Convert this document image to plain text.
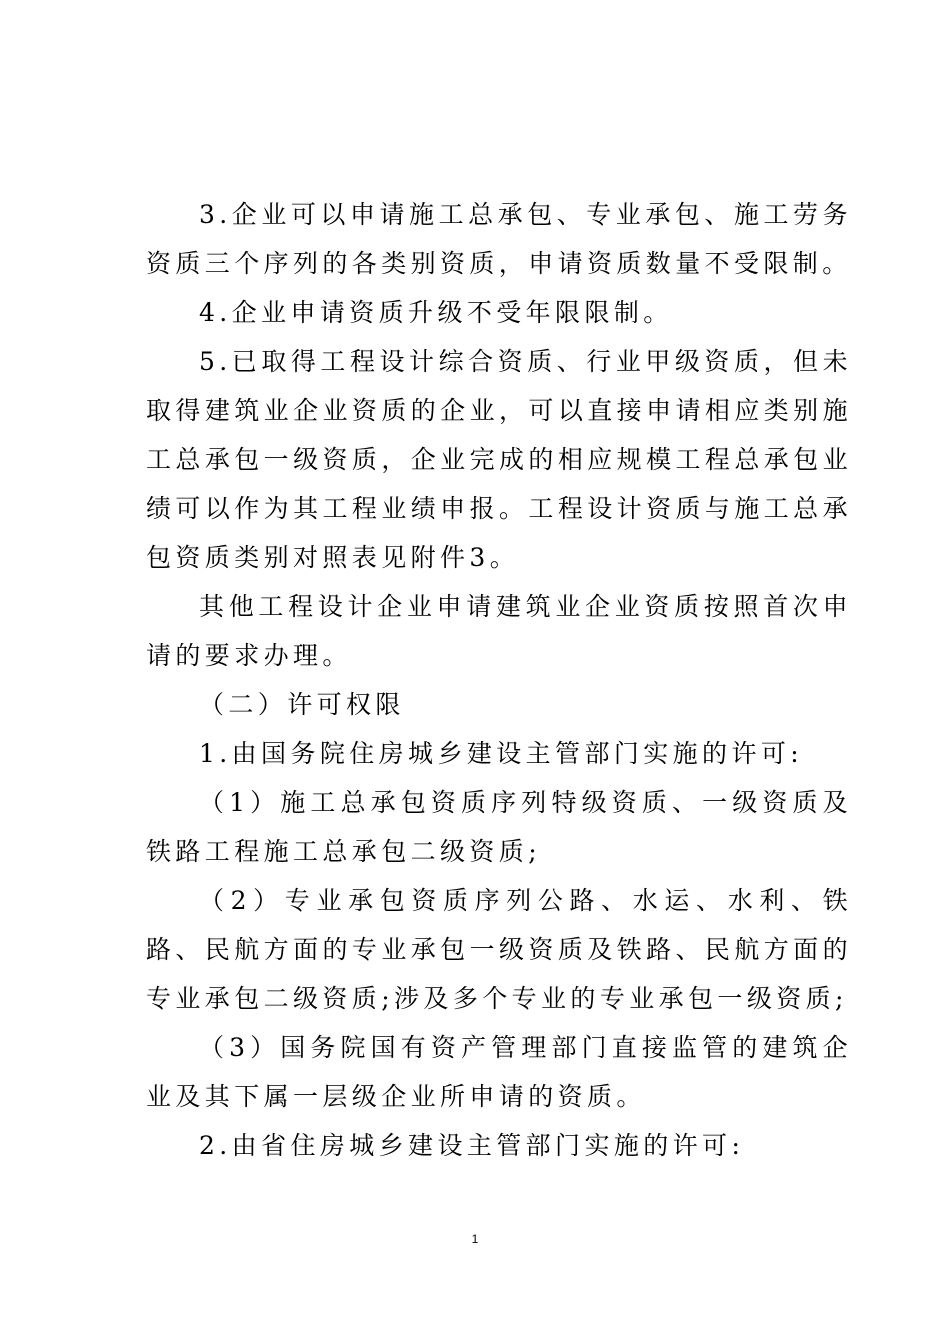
3.企业可以申请施工总承包、专业承包、施工劳务资质三个序列的各类别资质，申请资质数量不受限制。

4.企业申请资质升级不受年限限制。

5.已取得工程设计综合资质、行业甲级资质，但未取得建筑业企业资质的企业，可以直接申请相应类别施工总承包一级资质，企业完成的相应规模工程总承包业绩可以作为其工程业绩申报。工程设计资质与施工总承包资质类别对照表见附件3。

其他工程设计企业申请建筑业企业资质按照首次申请的要求办理。

（二）许可权限

1.由国务院住房城乡建设主管部门实施的许可:

（1）施工总承包资质序列特级资质、一级资质及铁路工程施工总承包二级资质;

（2）专业承包资质序列公路、水运、水利、铁路、民航方面的专业承包一级资质及铁路、民航方面的专业承包二级资质;涉及多个专业的专业承包一级资质;

（3）国务院国有资产管理部门直接监管的建筑企业及其下属一层级企业所申请的资质。

2.由省住房城乡建设主管部门实施的许可:

1
